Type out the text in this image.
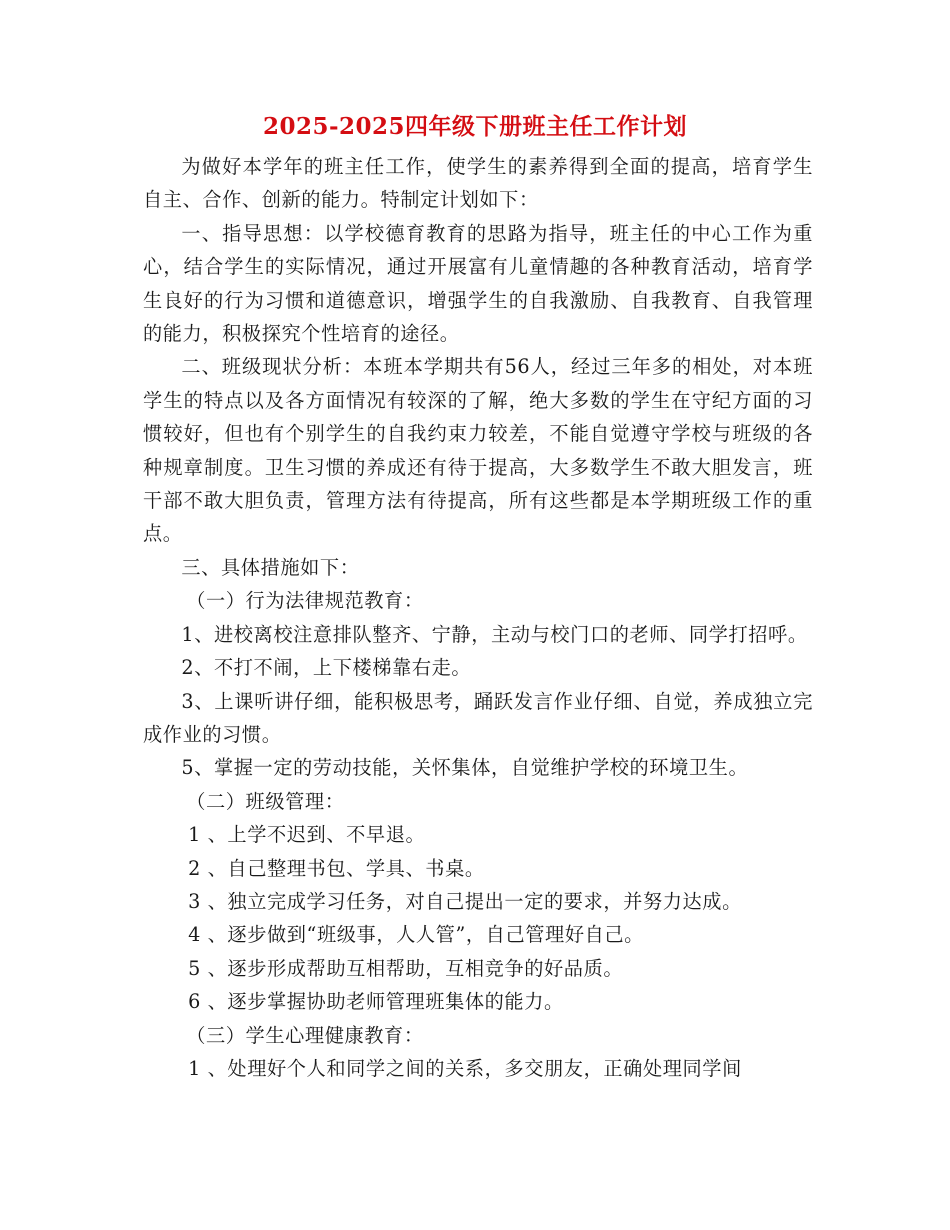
2025-2025四年级下册班主任工作计划

为做好本学年的班主任工作，使学生的素养得到全面的提高，培育学生自主、合作、创新的能力。特制定计划如下：

一、指导思想：以学校德育教育的思路为指导，班主任的中心工作为重心，结合学生的实际情况，通过开展富有儿童情趣的各种教育活动，培育学生良好的行为习惯和道德意识，增强学生的自我激励、自我教育、自我管理的能力，积极探究个性培育的途径。

二、班级现状分析：本班本学期共有56人，经过三年多的相处，对本班学生的特点以及各方面情况有较深的了解，绝大多数的学生在守纪方面的习惯较好，但也有个别学生的自我约束力较差，不能自觉遵守学校与班级的各种规章制度。卫生习惯的养成还有待于提高，大多数学生不敢大胆发言，班干部不敢大胆负责，管理方法有待提高，所有这些都是本学期班级工作的重点。

三、具体措施如下：

（一）行为法律规范教育：

1、进校离校注意排队整齐、宁静，主动与校门口的老师、同学打招呼。

2、不打不闹，上下楼梯靠右走。

3、上课听讲仔细，能积极思考，踊跃发言作业仔细、自觉，养成独立完成作业的习惯。

5、掌握一定的劳动技能，关怀集体，自觉维护学校的环境卫生。

（二）班级管理：

1 、上学不迟到、不早退。

2 、自己整理书包、学具、书桌。

3 、独立完成学习任务，对自己提出一定的要求，并努力达成。

4 、逐步做到“班级事，人人管”，自己管理好自己。

5 、逐步形成帮助互相帮助，互相竞争的好品质。

6 、逐步掌握协助老师管理班集体的能力。

（三）学生心理健康教育：

1 、处理好个人和同学之间的关系，多交朋友，正确处理同学间
